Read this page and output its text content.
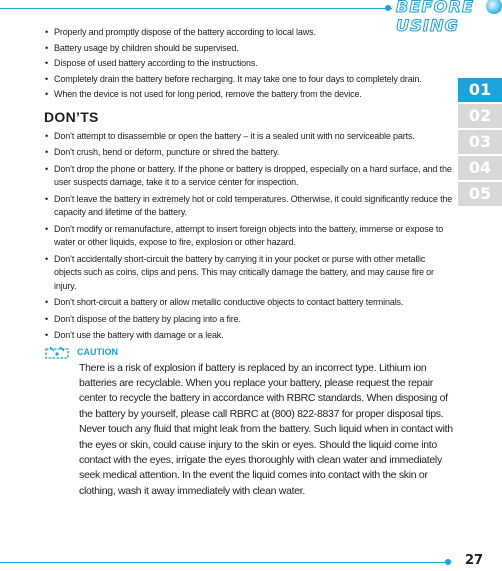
BEFORE USING
01
02
03
04
05
• Properly and promptly dispose of the battery according to local laws.
• Battery usage by children should be supervised.
• Dispose of used battery according to the instructions.
• Completely drain the battery before recharging. It may take one to four days to completely drain.
• When the device is not used for long period, remove the battery from the device.
DON’TS
• Don’t attempt to disassemble or open the battery – it is a sealed unit with no serviceable parts.
• Don’t crush, bend or deform, puncture or shred the battery.
• Don’t drop the phone or battery. If the phone or battery is dropped, especially on a hard surface, and the user suspects damage, take it to a service center for inspection.
• Don’t leave the battery in extremely hot or cold temperatures. Otherwise, it could significantly reduce the capacity and lifetime of the battery.
• Don’t modify or remanufacture, attempt to insert foreign objects into the battery, immerse or expose to water or other liquids, expose to fire, explosion or other hazard.
• Don’t accidentally short-circuit the battery by carrying it in your pocket or purse with other metallic objects such as coins, clips and pens. This may critically damage the battery, and may cause fire or injury.
• Don’t short-circuit a battery or allow metallic conductive objects to contact battery terminals.
• Don’t dispose of the battery by placing into a fire.
• Don’t use the battery with damage or a leak.
CAUTION

There is a risk of explosion if battery is replaced by an incorrect type. Lithium ion batteries are recyclable. When you replace your battery, please request the repair center to recycle the battery in accordance with RBRC standards. When disposing of the battery by yourself, please call RBRC at (800) 822-8837 for proper disposal tips. Never touch any fluid that might leak from the battery. Such liquid when in contact with the eyes or skin, could cause injury to the skin or eyes. Should the liquid come into contact with the eyes, irrigate the eyes thoroughly with clean water and immediately seek medical attention. In the event the liquid comes into contact with the skin or clothing, wash it away immediately with clean water.

27
